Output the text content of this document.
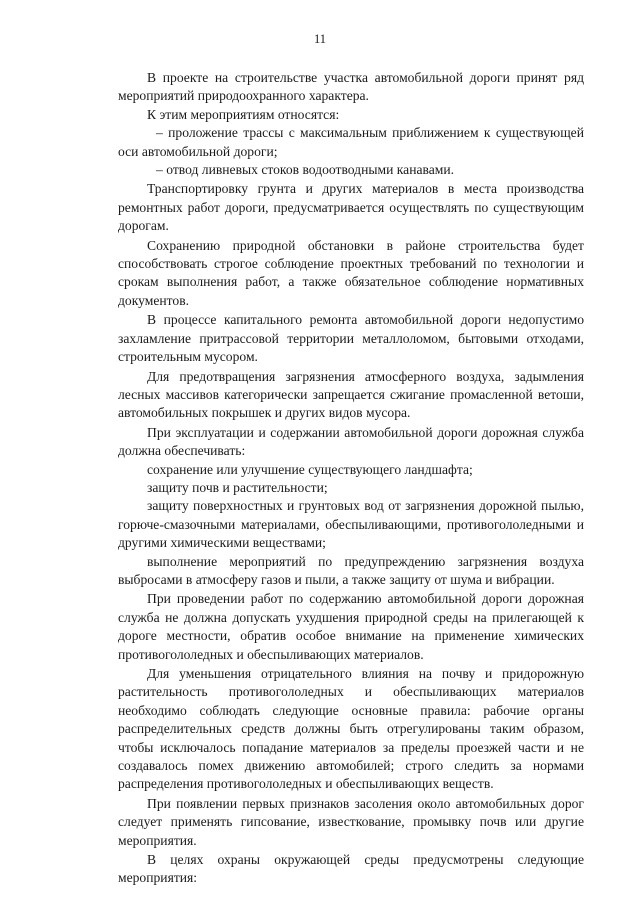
11

В проекте на строительстве участка автомобильной дороги принят ряд мероприятий природоохранного характера.

К этим мероприятиям относятся:

– проложение трассы с максимальным приближением к существующей оси автомобильной дороги;

– отвод ливневых стоков водоотводными канавами.

Транспортировку грунта и других материалов в места производства ремонтных работ дороги, предусматривается осуществлять по существующим дорогам.

Сохранению природной обстановки в районе строительства будет способствовать строгое соблюдение проектных требований по технологии и срокам выполнения работ, а также обязательное соблюдение нормативных документов.

В процессе капитального ремонта автомобильной дороги недопустимо захламление притрассовой территории металлоломом, бытовыми отходами, строительным мусором.

Для предотвращения загрязнения атмосферного воздуха, задымления лесных массивов категорически запрещается сжигание промасленной ветоши, автомобильных покрышек и других видов мусора.

При эксплуатации и содержании автомобильной дороги дорожная служба должна обеспечивать:

сохранение или улучшение существующего ландшафта;

защиту почв и растительности;

защиту поверхностных и грунтовых вод от загрязнения дорожной пылью, горюче-смазочными материалами, обеспыливающими, противогололедными и другими химическими веществами;

выполнение мероприятий по предупреждению загрязнения воздуха выбросами в атмосферу газов и пыли, а также защиту от шума и вибрации.

При проведении работ по содержанию автомобильной дороги дорожная служба не должна допускать ухудшения природной среды на прилегающей к дороге местности, обратив особое внимание на применение химических противогололедных и обеспыливающих материалов.

Для уменьшения отрицательного влияния на почву и придорожную растительность противогололедных и обеспыливающих материалов необходимо соблюдать следующие основные правила: рабочие органы распределительных средств должны быть отрегулированы таким образом, чтобы исключалось попадание материалов за пределы проезжей части и не создавалось помех движению автомобилей; строго следить за нормами распределения противогололедных и обеспыливающих веществ.

При появлении первых признаков засоления около автомобильных дорог следует применять гипсование, известкование, промывку почв или другие мероприятия.

В целях охраны окружающей среды предусмотрены следующие мероприятия:
